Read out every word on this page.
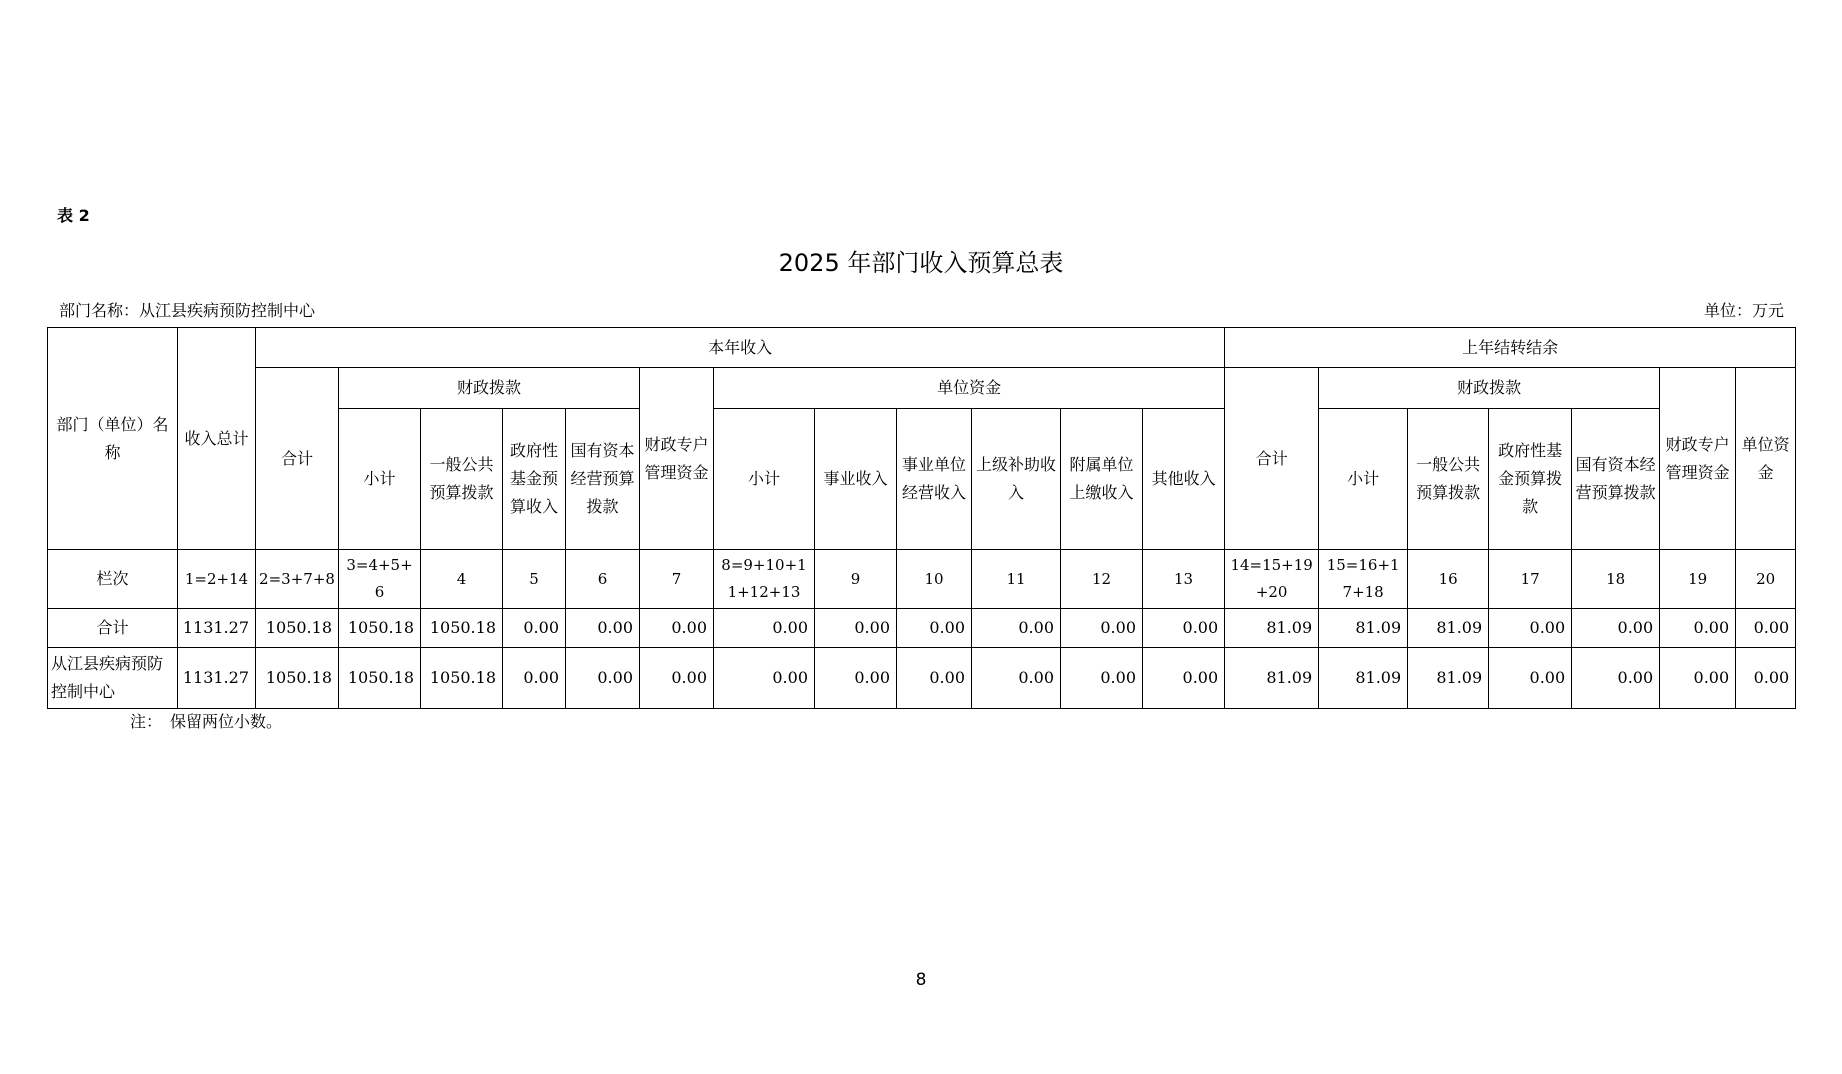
表 2
2025 年部门收入预算总表
部门名称：从江县疾病预防控制中心	单位：万元
部门（单位）名称	收入总计	本年收入												上年结转结余						
		合计	财政拨款				财政专户管理资金	单位资金						合计	财政拨款				财政专户管理资金	单位资金
			小计	一般公共预算拨款	政府性基金预算收入	国有资本经营预算拨款		小计	事业收入	事业单位经营收入	上级补助收入	附属单位上缴收入	其他收入		小计	一般公共预算拨款	政府性基金预算拨款	国有资本经营预算拨款		
栏次	1=2+14	2=3+7+8	3=4+5+6	4	5	6	7	8=9+10+11+12+13	9	10	11	12	13	14=15+19+20	15=16+17+18	16	17	18	19	20
合计	1131.27	1050.18	1050.18	1050.18	0.00	0.00	0.00	0.00	0.00	0.00	0.00	0.00	0.00	81.09	81.09	81.09	0.00	0.00	0.00	0.00
从江县疾病预防控制中心	1131.27	1050.18	1050.18	1050.18	0.00	0.00	0.00	0.00	0.00	0.00	0.00	0.00	0.00	81.09	81.09	81.09	0.00	0.00	0.00	0.00
注：　保留两位小数。
8
